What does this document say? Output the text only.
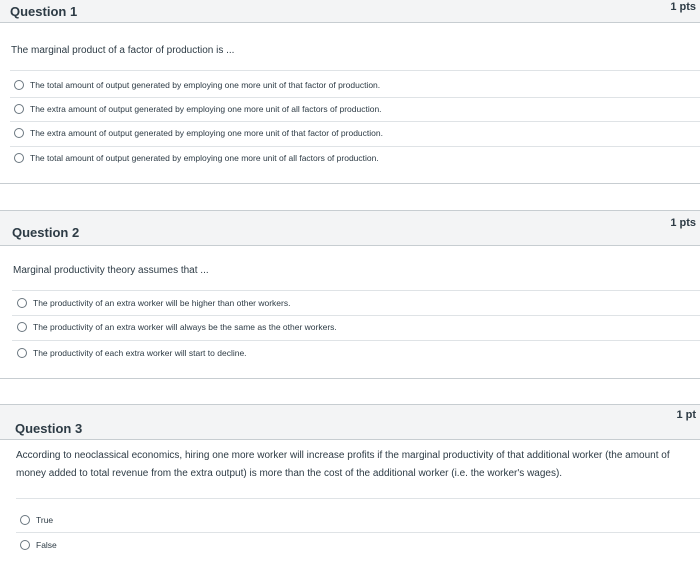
Question 1	1 pts
The marginal product of a factor of production is ...
The total amount of output generated by employing one more unit of that factor of production.
The extra amount of output generated by employing one more unit of all factors of production.
The extra amount of output generated by employing one more unit of that factor of production.
The total amount of output generated by employing one more unit of all factors of production.
Question 2
1 pts
Marginal productivity theory assumes that ...
The productivity of an extra worker will be higher than other workers.
The productivity of an extra worker will always be the same as the other workers.
The productivity of each extra worker will start to decline.
Question 3
1 pt
According to neoclassical economics, hiring one more worker will increase profits if the marginal productivity of that additional worker (the amount of money added to total revenue from the extra output) is more than the cost of the additional worker (i.e. the worker's wages).
True
False
